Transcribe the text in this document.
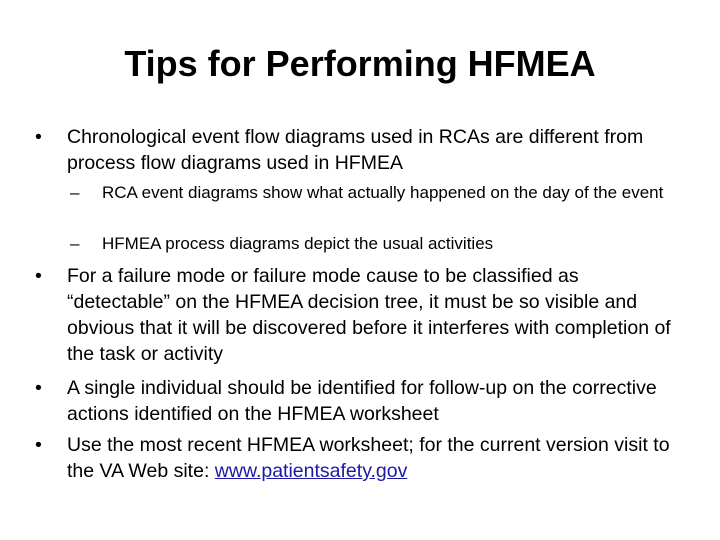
Tips for Performing HFMEA
• Chronological event flow diagrams used in RCAs are different from process flow diagrams used in HFMEA
– RCA event diagrams show what actually happened on the day of the event
– HFMEA process diagrams depict the usual activities
• For a failure mode or failure mode cause to be classified as “detectable” on the HFMEA decision tree, it must be so visible and obvious that it will be discovered before it interferes with completion of the task or activity
• A single individual should be identified for follow-up on the corrective actions identified on the HFMEA worksheet
• Use the most recent HFMEA worksheet; for the current version visit to the VA Web site: www.patientsafety.gov
